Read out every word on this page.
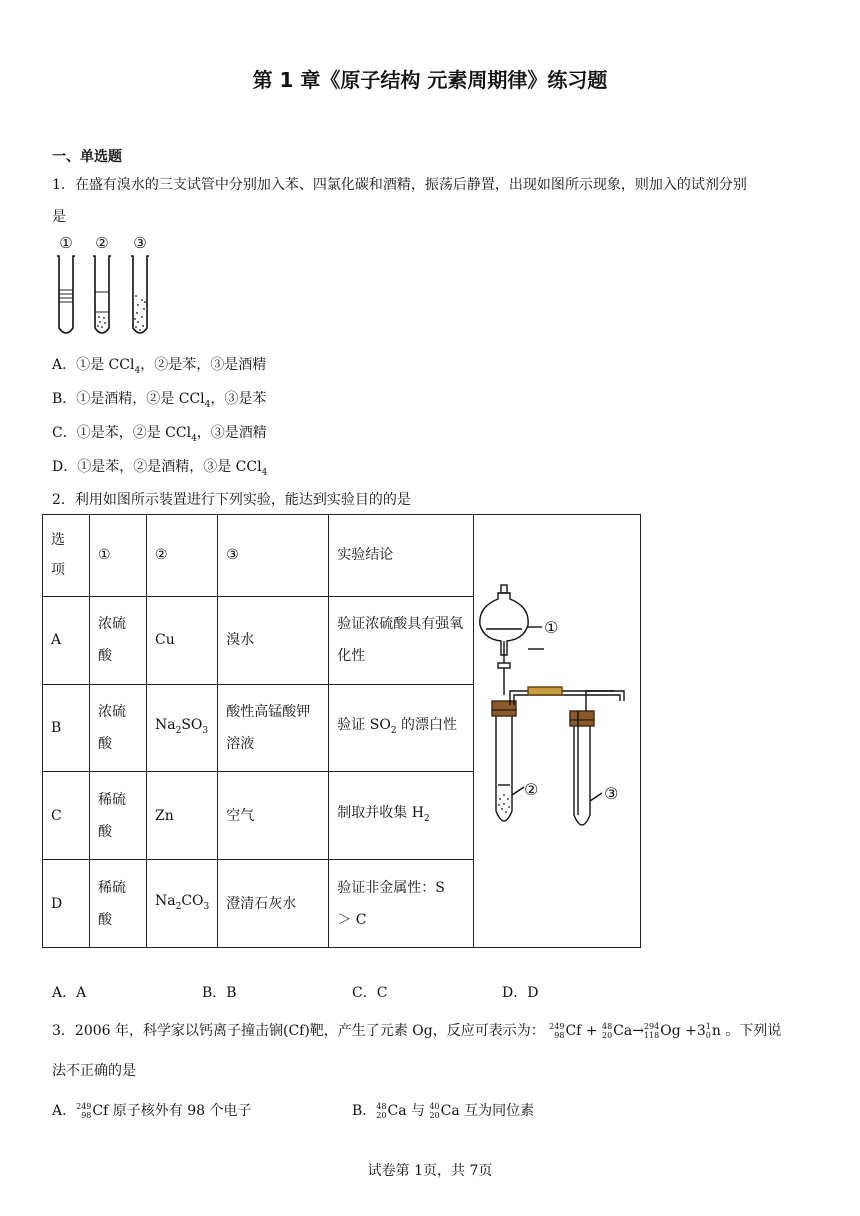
第 1 章《原子结构 元素周期律》练习题
一、单选题
1．在盛有溴水的三支试管中分别加入苯、四氯化碳和酒精，振荡后静置，出现如图所示现象，则加入的试剂分别
是
① ② ③
A．①是 CCl$_4$，②是苯，③是酒精
B．①是酒精，②是 CCl$_4$，③是苯
C．①是苯，②是 CCl$_4$，③是酒精
D．①是苯，②是酒精，③是 CCl$_4$
2．利用如图所示装置进行下列实验，能达到实验目的的是
选项	①	②	③	实验结论	①
② ③

A	浓硫酸	Cu	溴水	验证浓硫酸具有强氧化性	

B	浓硫酸	$Na_2SO_3$	酸性高锰酸钾溶液	验证 $SO_2$ 的漂白性	
C	稀硫酸	Zn	空气	制取并收集 $H_2$
D	稀硫酸	$Na_2CO_3$	澄清石灰水	验证非金属性：S ＞ C	
A．A	B．B	C．C	D．D
3．2006 年，科学家以钙离子撞击锎(Cf)靶，产生了元素 Og，反应可表示为： 249
98 Cf + 48
20 Ca→ 294
118 Og +3 1
0 n 。下列说
法不正确的是
A． 249
98 Cf 原子核外有 98 个电子	B． 48
20 Ca 与 40
20 Ca 互为同位素
试卷第 1页，共 7页
